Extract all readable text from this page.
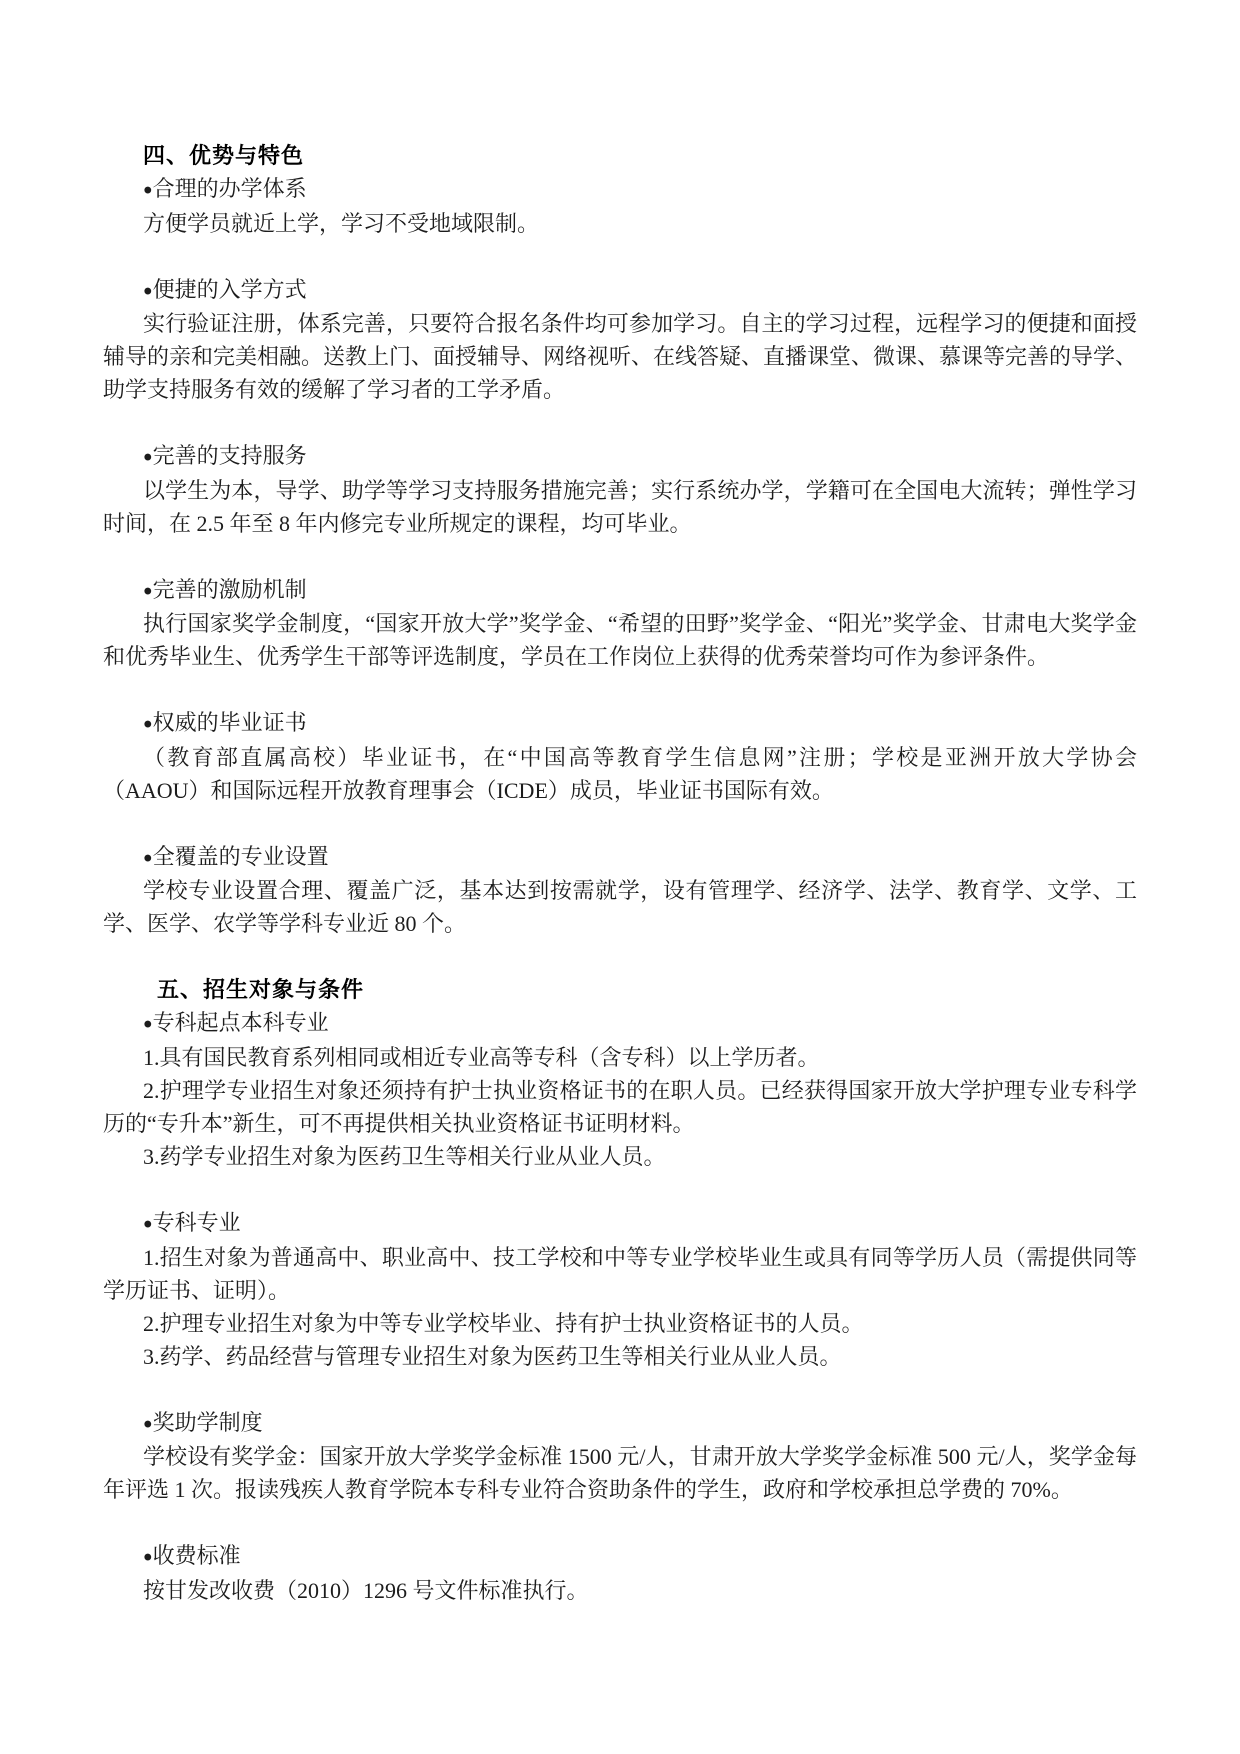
四、优势与特色

●合理的办学体系

方便学员就近上学，学习不受地域限制。

●便捷的入学方式

实行验证注册，体系完善，只要符合报名条件均可参加学习。自主的学习过程，远程学习的便捷和面授辅导的亲和完美相融。送教上门、面授辅导、网络视听、在线答疑、直播课堂、微课、慕课等完善的导学、助学支持服务有效的缓解了学习者的工学矛盾。

●完善的支持服务

以学生为本，导学、助学等学习支持服务措施完善；实行系统办学，学籍可在全国电大流转；弹性学习时间，在 2.5 年至 8 年内修完专业所规定的课程，均可毕业。

●完善的激励机制

执行国家奖学金制度，“国家开放大学”奖学金、“希望的田野”奖学金、“阳光”奖学金、甘肃电大奖学金和优秀毕业生、优秀学生干部等评选制度，学员在工作岗位上获得的优秀荣誉均可作为参评条件。

●权威的毕业证书

（教育部直属高校）毕业证书，在“中国高等教育学生信息网”注册；学校是亚洲开放大学协会（AAOU）和国际远程开放教育理事会（ICDE）成员，毕业证书国际有效。

●全覆盖的专业设置

学校专业设置合理、覆盖广泛，基本达到按需就学，设有管理学、经济学、法学、教育学、文学、工学、医学、农学等学科专业近 80 个。

五、招生对象与条件

●专科起点本科专业

1.具有国民教育系列相同或相近专业高等专科（含专科）以上学历者。

2.护理学专业招生对象还须持有护士执业资格证书的在职人员。已经获得国家开放大学护理专业专科学历的“专升本”新生，可不再提供相关执业资格证书证明材料。

3.药学专业招生对象为医药卫生等相关行业从业人员。

●专科专业

1.招生对象为普通高中、职业高中、技工学校和中等专业学校毕业生或具有同等学历人员（需提供同等学历证书、证明）。

2.护理专业招生对象为中等专业学校毕业、持有护士执业资格证书的人员。

3.药学、药品经营与管理专业招生对象为医药卫生等相关行业从业人员。

●奖助学制度

学校设有奖学金：国家开放大学奖学金标准 1500 元/人，甘肃开放大学奖学金标准 500 元/人，奖学金每年评选 1 次。报读残疾人教育学院本专科专业符合资助条件的学生，政府和学校承担总学费的 70%。

●收费标准

按甘发改收费（2010）1296 号文件标准执行。
